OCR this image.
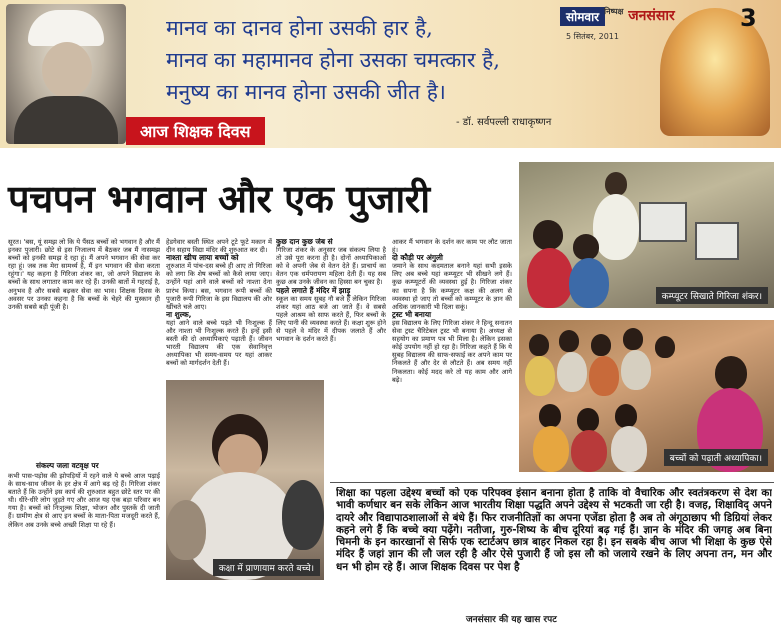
मानव का दानव होना उसकी हार है,
मानव का महामानव होना उसका चमत्कार है,
मनुष्य का मानव होना उसकी जीत है।
- डॉ. सर्वपल्ली राधाकृष्णन
सोमवार $^{निष्पक्ष}$ जनसंसार
5 सितंबर, 2011
3
आज शिक्षक दिवस
पचपन भगवान और एक पुजारी
कम्प्यूटर सिखाते गिरिजा शंकर।
बच्चों को पढ़ाती अध्यापिका।
कक्षा में प्राणायाम करते बच्चे।
सूरत। 'बस, यूं समझ लो कि ये पैंसठ बच्चों को भगवान है और मैं इनका पुजारी। छोटे से इस निजालय में बैठकर जब मैं नासमझ बच्चों को इनकी समझ दे रहा हूं। मैं अपने भगवान की सेवा कर रहा हूं। जब तक मेरा सामर्थ्य है, मैं इन भगवान की सेवा करता रहूंगा।' यह कहना है गिरिजा शंकर का, जो अपने विद्यालय के बच्चों के साथ लगातार काम कर रहे हैं। उनकी बातों में गहराई है, अनुभव है और सबसे बढ़कर सेवा का भाव। शिक्षक दिवस के अवसर पर उनका कहना है कि बच्चों के चेहरे की मुस्कान ही उनकी सबसे बड़ी पूंजी है।
संकल्प जला वटवृक्ष पर
कभी पास-पड़ोस की झोपड़ियों में रहने वाले ये बच्चे आज पढ़ाई के साथ-साथ जीवन के हर क्षेत्र में आगे बढ़ रहे हैं। गिरिजा शंकर बताते हैं कि उन्होंने इस कार्य की शुरुआत बहुत छोटे स्तर पर की थी। धीरे-धीरे लोग जुड़ते गए और आज यह एक बड़ा परिवार बन गया है। बच्चों को निःशुल्क शिक्षा, भोजन और पुस्तकें दी जाती हैं। ग्रामीण क्षेत्र से आए इन बच्चों के माता-पिता मजदूरी करते हैं, लेकिन अब उनके बच्चे अच्छी शिक्षा पा रहे हैं।
हेडगेवार बस्ती स्थित अपने टूटे फूटे मकान में दीन सहाय विद्या मंदिर की शुरुआत कर दी।
नाश्ता खीच लाया बच्चों को
शुरुआत में पांच-दस बच्चे ही आए तो गिरिजा को लगा कि शेष बच्चों को कैसे लाया जाए। उन्होंने यहां आने वाले बच्चों को नाश्ता देना प्रारंभ किया। बस, भगवान रूपी बच्चों की पुजारी रूपी गिरिजा के इस विद्यालय की ओर खींचते चले आए।
ना शुल्क,
यहां आने वाले बच्चे पढ़ते भी निःशुल्क हैं और नाश्ता भी निःशुल्क करते हैं। इन्हें इसी बस्ती की दो अध्यापिकाएं पढ़ाती हैं। जीवन भारती विद्यालय की एक सेवानिवृत्त अध्यापिका भी समय-समय पर यहां आकर बच्चों को मार्गदर्शन देती हैं।
कुछ दान कुछ जेब से
गिरिजा शंकर के अनुसार जब संकल्प लिया है तो उसे पूरा करना ही है। दोनों अध्यापिकाओं को वे अपनी जेब से वेतन देते हैं। प्राचार्य का वेतन एक धर्मपरायण महिला देती हैं। यह सब कुछ अब उनके जीवन का हिस्सा बन चुका है।
पहले लगाते हैं मंदिर में झाड़ू
स्कूल का समय सुबह नौ बजे है लेकिन गिरिजा शंकर यहां आठ बजे आ जाते हैं। वे सबसे पहले आश्रम को साफ करते हैं, फिर बच्चों के लिए पानी की व्यवस्था करते हैं। कक्षा शुरू होने से पहले वे मंदिर में दीपक जलाते हैं और भगवान के दर्शन करते हैं।
आकर मैं भगवान के दर्शन कर काम पर लौट जाता हूं।
दो कौड़ी पर अंगुली
जमाने के साथ कदमताल बनाने यहां सभी इसके लिए अब बच्चे यहां कम्प्यूटर भी सीखने लगे हैं। कुछ कम्प्यूटरों की व्यवस्था हुई है। गिरिजा शंकर का सपना है कि कम्प्यूटर कक्ष की अलग से व्यवस्था हो जाए तो बच्चों को कम्प्यूटर के ज्ञान की अधिक जानकारी भी दिला सकूं।
ट्रस्ट भी बनाया
इस विद्यालय के लिए गिरिजा शंकर ने हिन्दू सनातन सेवा ट्रस्ट चैरिटेबल ट्रस्ट भी बनाया है। अध्यक्ष से सहयोग का प्रमाण पत्र भी मिला है। लेकिन इसका कोई उपयोग नहीं हो रहा है। गिरिजा कहते हैं कि ये सुबह विद्यालय की साफ-सफाई कर अपने काम पर निकलते हैं और देर से लौटते हैं। अब समय नहीं निकलता। कोई मदद करे तो यह काम और आगे बढ़े।
शिक्षा का पहला उद्देश्य बच्चों को एक परिपक्व इंसान बनाना होता है ताकि वो वैचारिक और स्वतंत्रकरण से देश का भावी कर्णधार बन सके लेकिन आज भारतीय शिक्षा पद्धति अपने उद्देश्य से भटकती जा रही है। वजह, शिक्षाविद् अपने दायरे और विद्यापाठशालाओं से बंधे हैं। फिर राजनीतिज्ञों का अपना एजेंडा होता है अब तो अंगूठाछाप भी डिग्रियां लेकर कहने लगे हैं कि बच्चे क्या पढ़ेंगे। नतीजा, गुरु-शिष्य के बीच दूरियां बढ़ गई हैं। ज्ञान के मंदिर की जगह अब बिना चिमनी के इन कारखानों से सिर्फ एक स्टार्टअप छात्र बाहर निकल रहा है। इन सबके बीच आज भी शिक्षा के कुछ ऐसे मंदिर हैं जहां ज्ञान की लौ जल रही है और ऐसे पुजारी हैं जो इस लौ को जलाये रखने के लिए अपना तन, मन और धन भी होम रहे हैं। आज शिक्षक दिवस पर पेश है
जनसंसार की यह खास रपट
